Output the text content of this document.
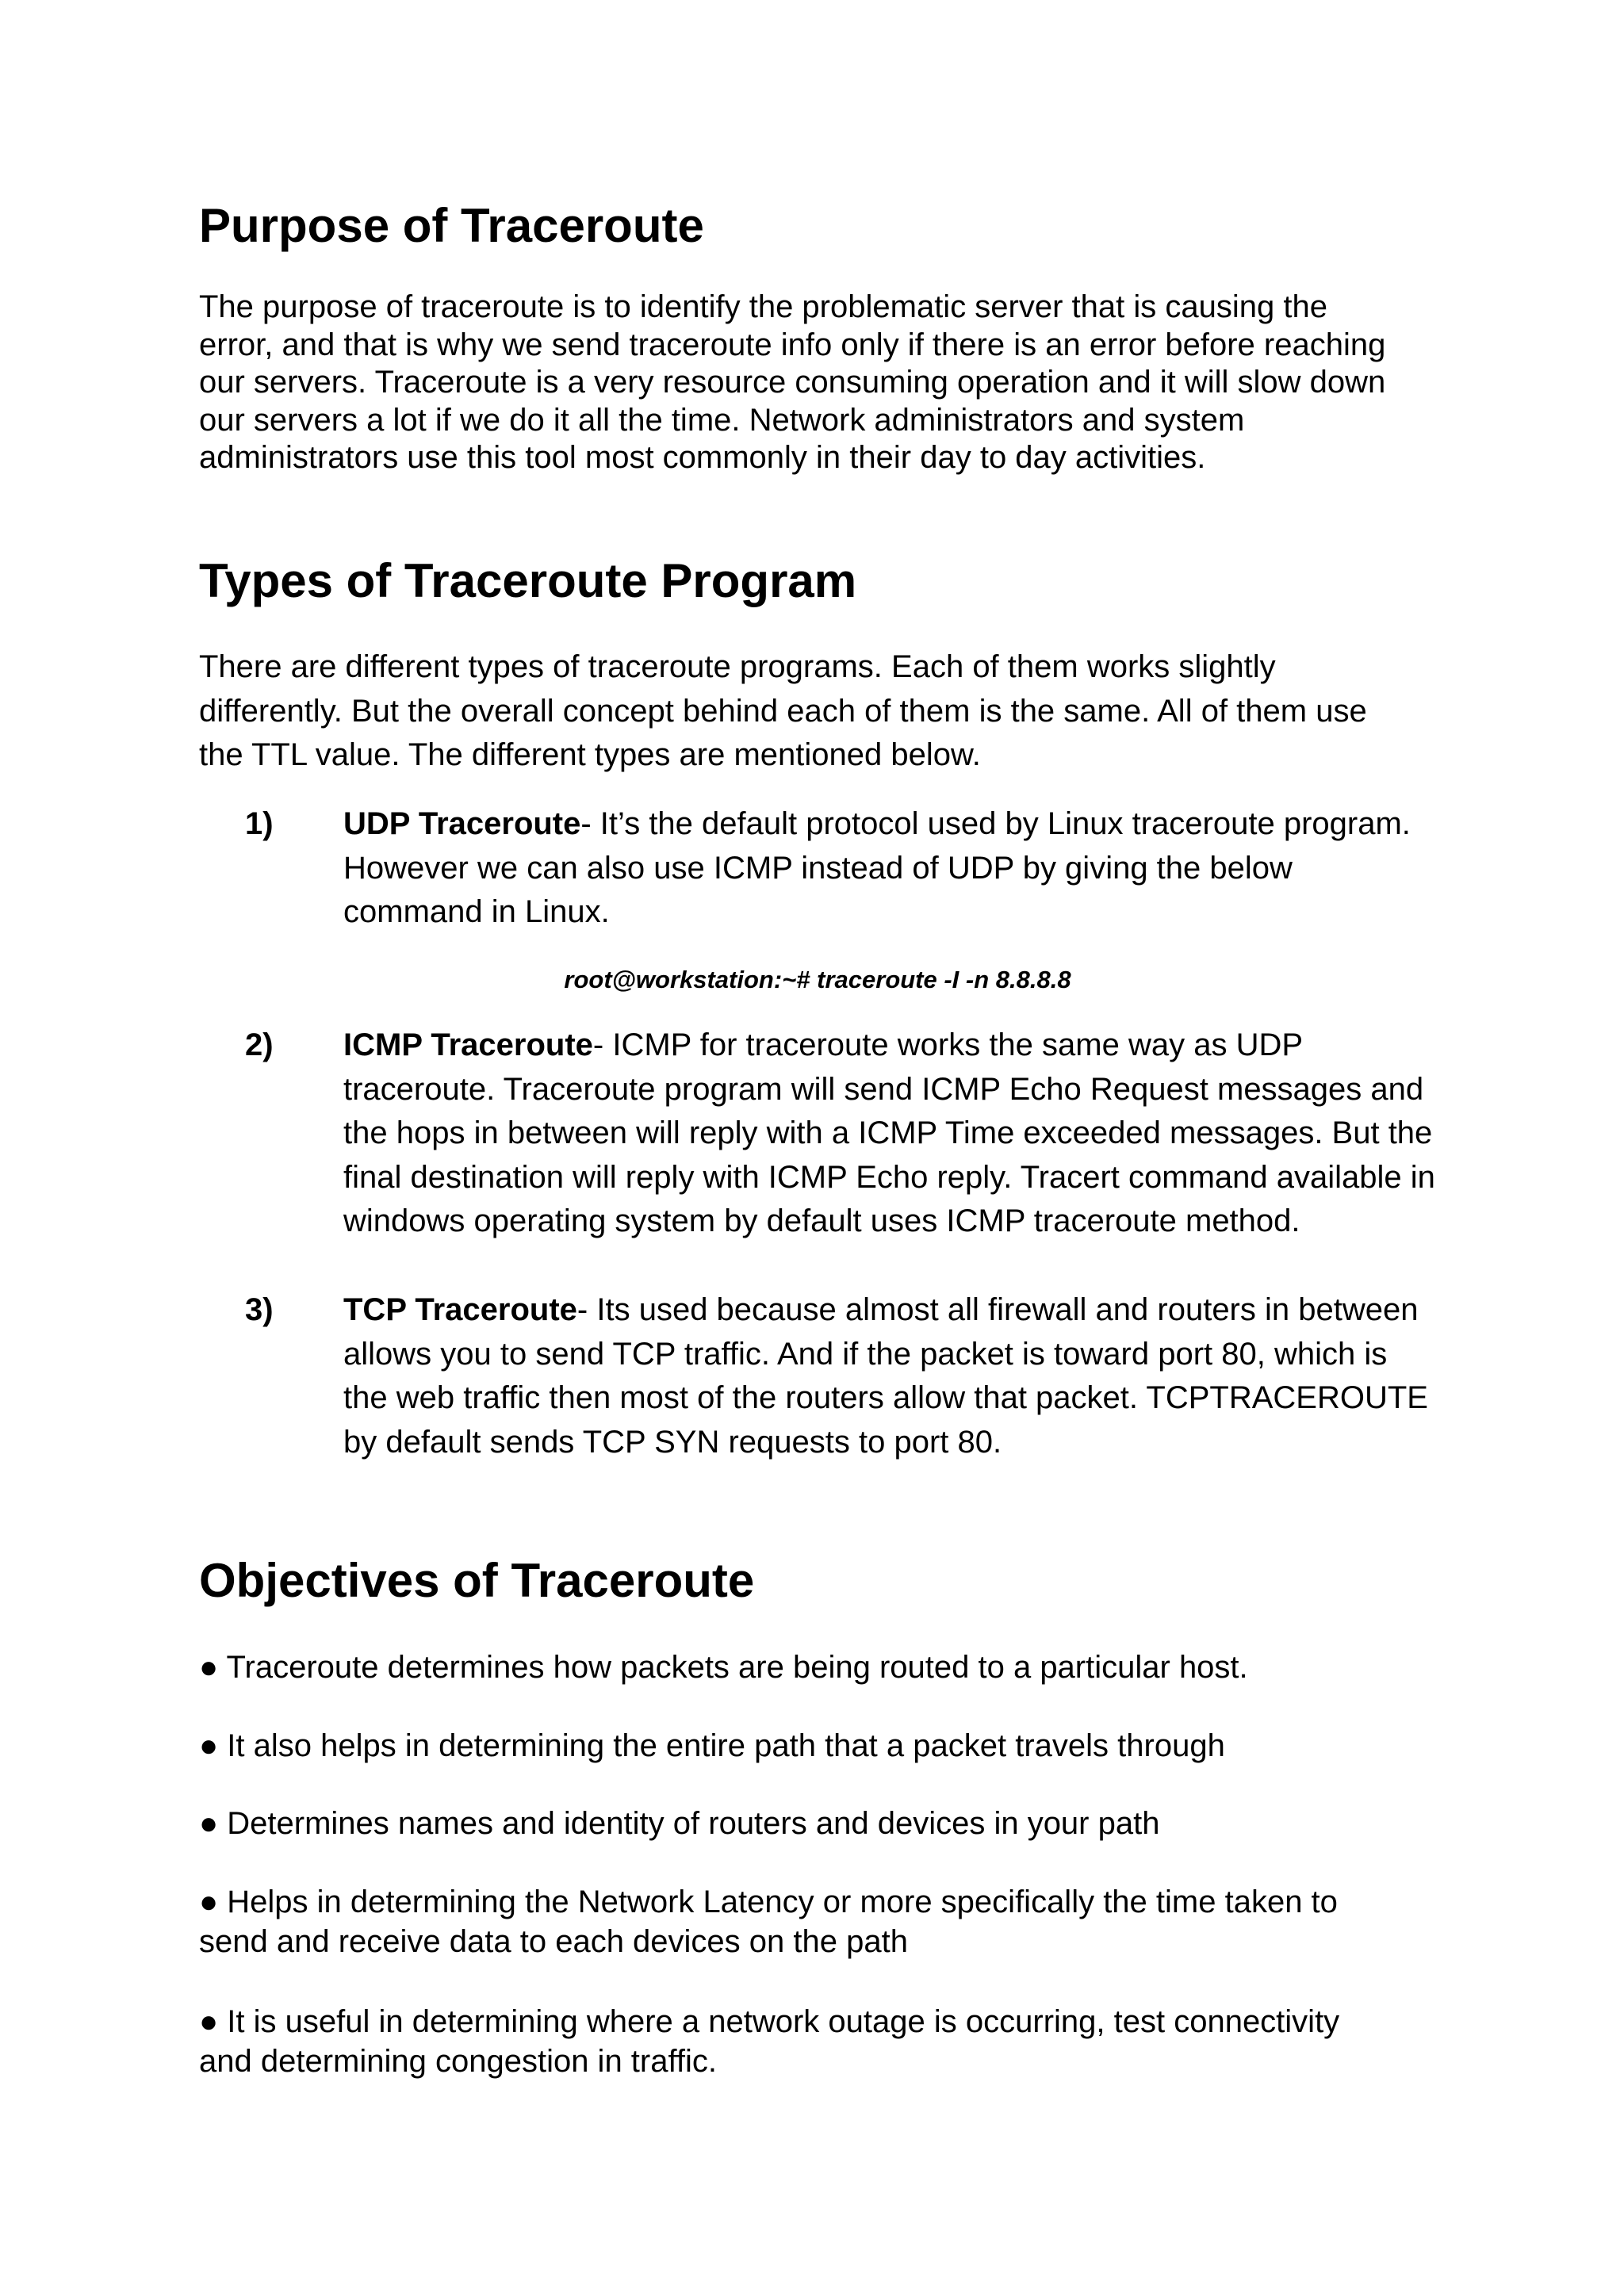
Purpose of Traceroute
The purpose of traceroute is to identify the problematic server that is causing the
error, and that is why we send traceroute info only if there is an error before reaching
our servers. Traceroute is a very resource consuming operation and it will slow down
our servers a lot if we do it all the time. Network administrators and system
administrators use this tool most commonly in their day to day activities.
Types of Traceroute Program
There are different types of traceroute programs. Each of them works slightly
differently. But the overall concept behind each of them is the same. All of them use
the TTL value. The different types are mentioned below.
1) UDP Traceroute- It’s the default protocol used by Linux traceroute program.
However we can also use ICMP instead of UDP by giving the below
command in Linux.
root@workstation:~# traceroute -I -n 8.8.8.8
2) ICMP Traceroute- ICMP for traceroute works the same way as UDP
traceroute. Traceroute program will send ICMP Echo Request messages and
the hops in between will reply with a ICMP Time exceeded messages. But the
final destination will reply with ICMP Echo reply. Tracert command available in
windows operating system by default uses ICMP traceroute method.
3) TCP Traceroute- Its used because almost all firewall and routers in between
allows you to send TCP traffic. And if the packet is toward port 80, which is
the web traffic then most of the routers allow that packet. TCPTRACEROUTE
by default sends TCP SYN requests to port 80.
Objectives of Traceroute
● Traceroute determines how packets are being routed to a particular host.
● It also helps in determining the entire path that a packet travels through
● Determines names and identity of routers and devices in your path
● Helps in determining the Network Latency or more specifically the time taken to
send and receive data to each devices on the path
● It is useful in determining where a network outage is occurring, test connectivity
and determining congestion in traffic.
